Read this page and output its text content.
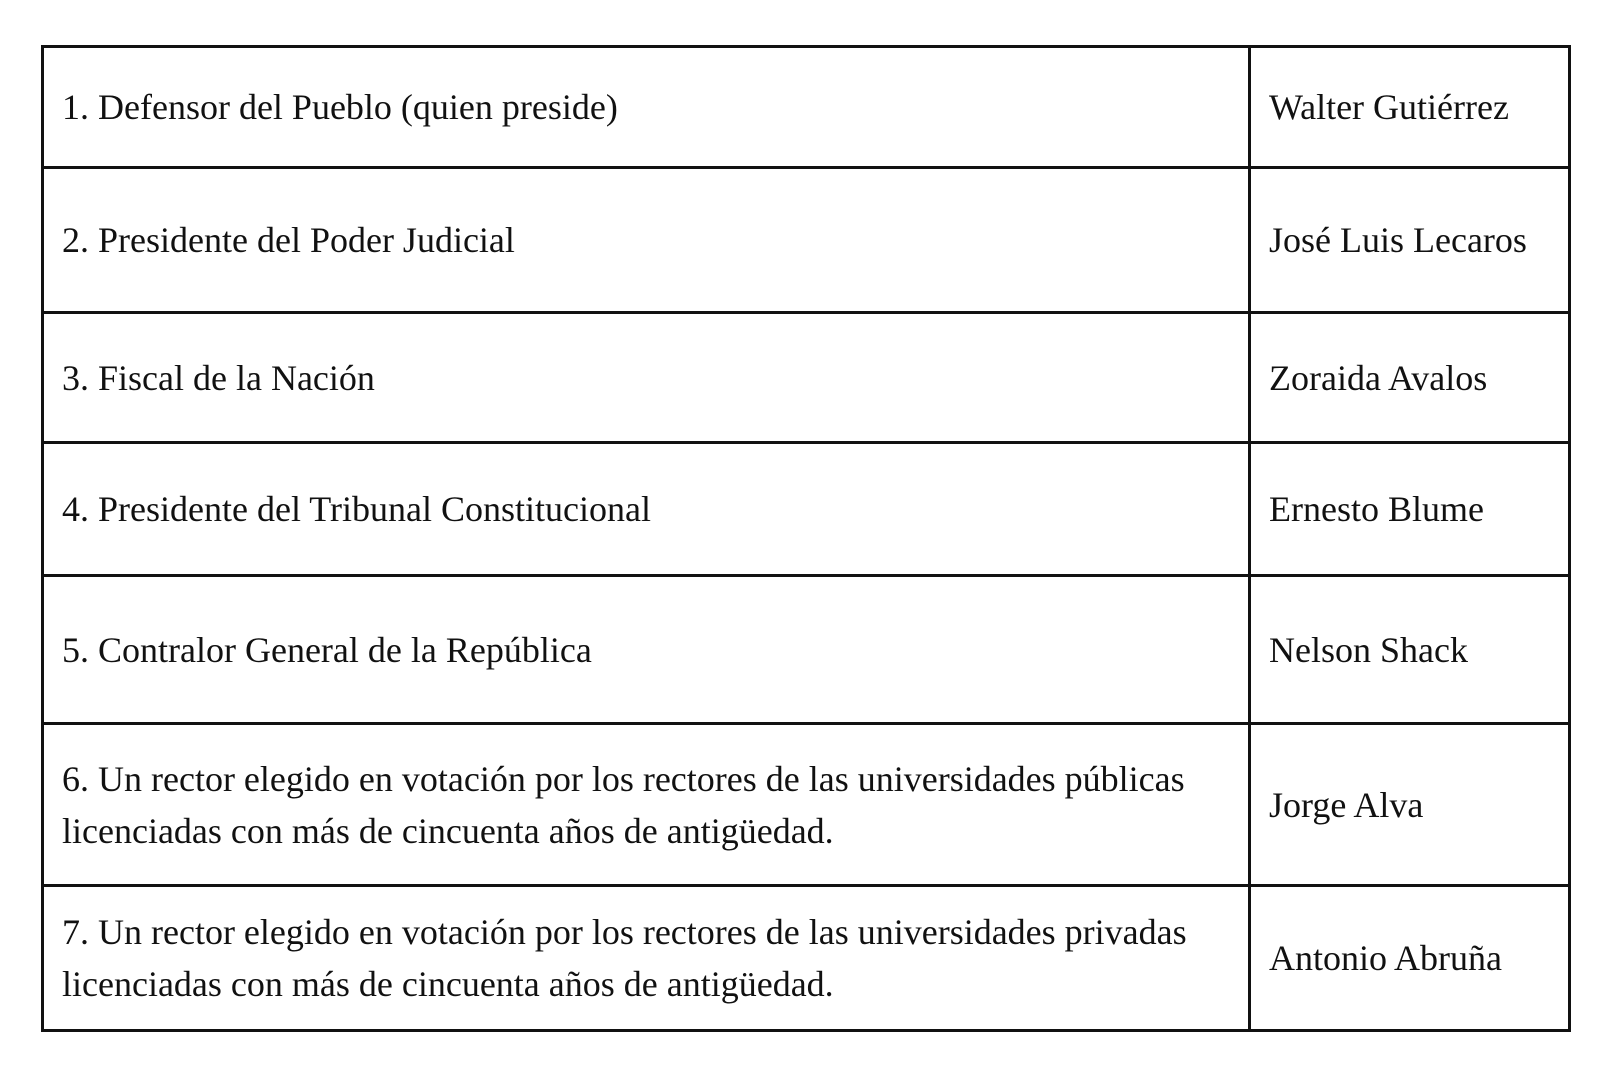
1. Defensor del Pueblo (quien preside)	Walter Gutiérrez

2. Presidente del Poder Judicial	José Luis Lecaros

3. Fiscal de la Nación	Zoraida Avalos

4. Presidente del Tribunal Constitucional	Ernesto Blume

5. Contralor General de la República	Nelson Shack

6. Un rector elegido en votación por los rectores de las universidades públicas licenciadas con más de cincuenta años de antigüedad.	Jorge Alva

7. Un rector elegido en votación por los rectores de las universidades privadas licenciadas con más de cincuenta años de antigüedad.	Antonio Abruña
